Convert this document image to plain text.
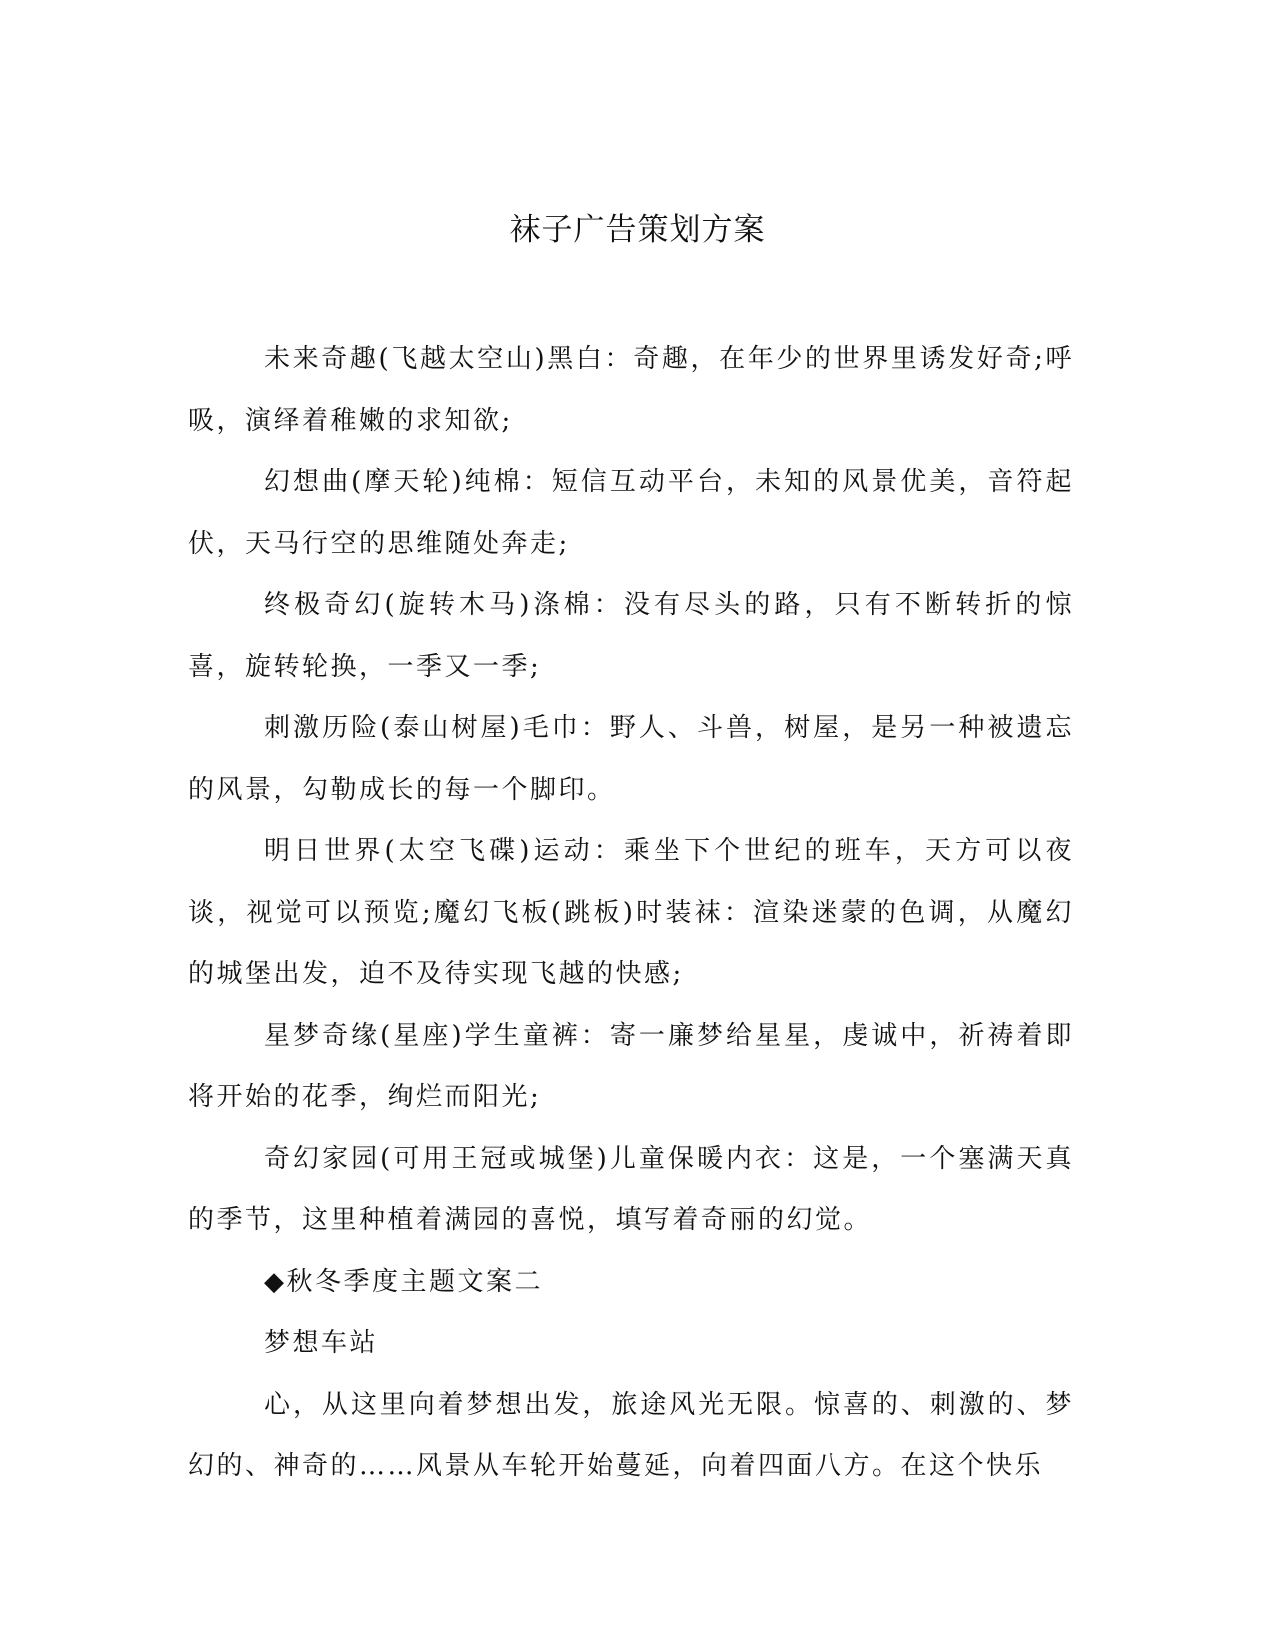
袜子广告策划方案

未来奇趣(飞越太空山)黑白：奇趣，在年少的世界里诱发好奇;呼吸，演绎着稚嫩的求知欲;

幻想曲(摩天轮)纯棉：短信互动平台，未知的风景优美，音符起伏，天马行空的思维随处奔走;

终极奇幻(旋转木马)涤棉：没有尽头的路，只有不断转折的惊喜，旋转轮换，一季又一季;

刺激历险(泰山树屋)毛巾：野人、斗兽，树屋，是另一种被遗忘的风景，勾勒成长的每一个脚印。

明日世界(太空飞碟)运动：乘坐下个世纪的班车，天方可以夜谈，视觉可以预览;魔幻飞板(跳板)时装袜：渲染迷蒙的色调，从魔幻的城堡出发，迫不及待实现飞越的快感;

星梦奇缘(星座)学生童裤：寄一廉梦给星星，虔诚中，祈祷着即将开始的花季，绚烂而阳光;

奇幻家园(可用王冠或城堡)儿童保暖内衣：这是，一个塞满天真的季节，这里种植着满园的喜悦，填写着奇丽的幻觉。

◆秋冬季度主题文案二

梦想车站

心，从这里向着梦想出发，旅途风光无限。惊喜的、刺激的、梦幻的、神奇的……风景从车轮开始蔓延，向着四面八方。在这个快乐
